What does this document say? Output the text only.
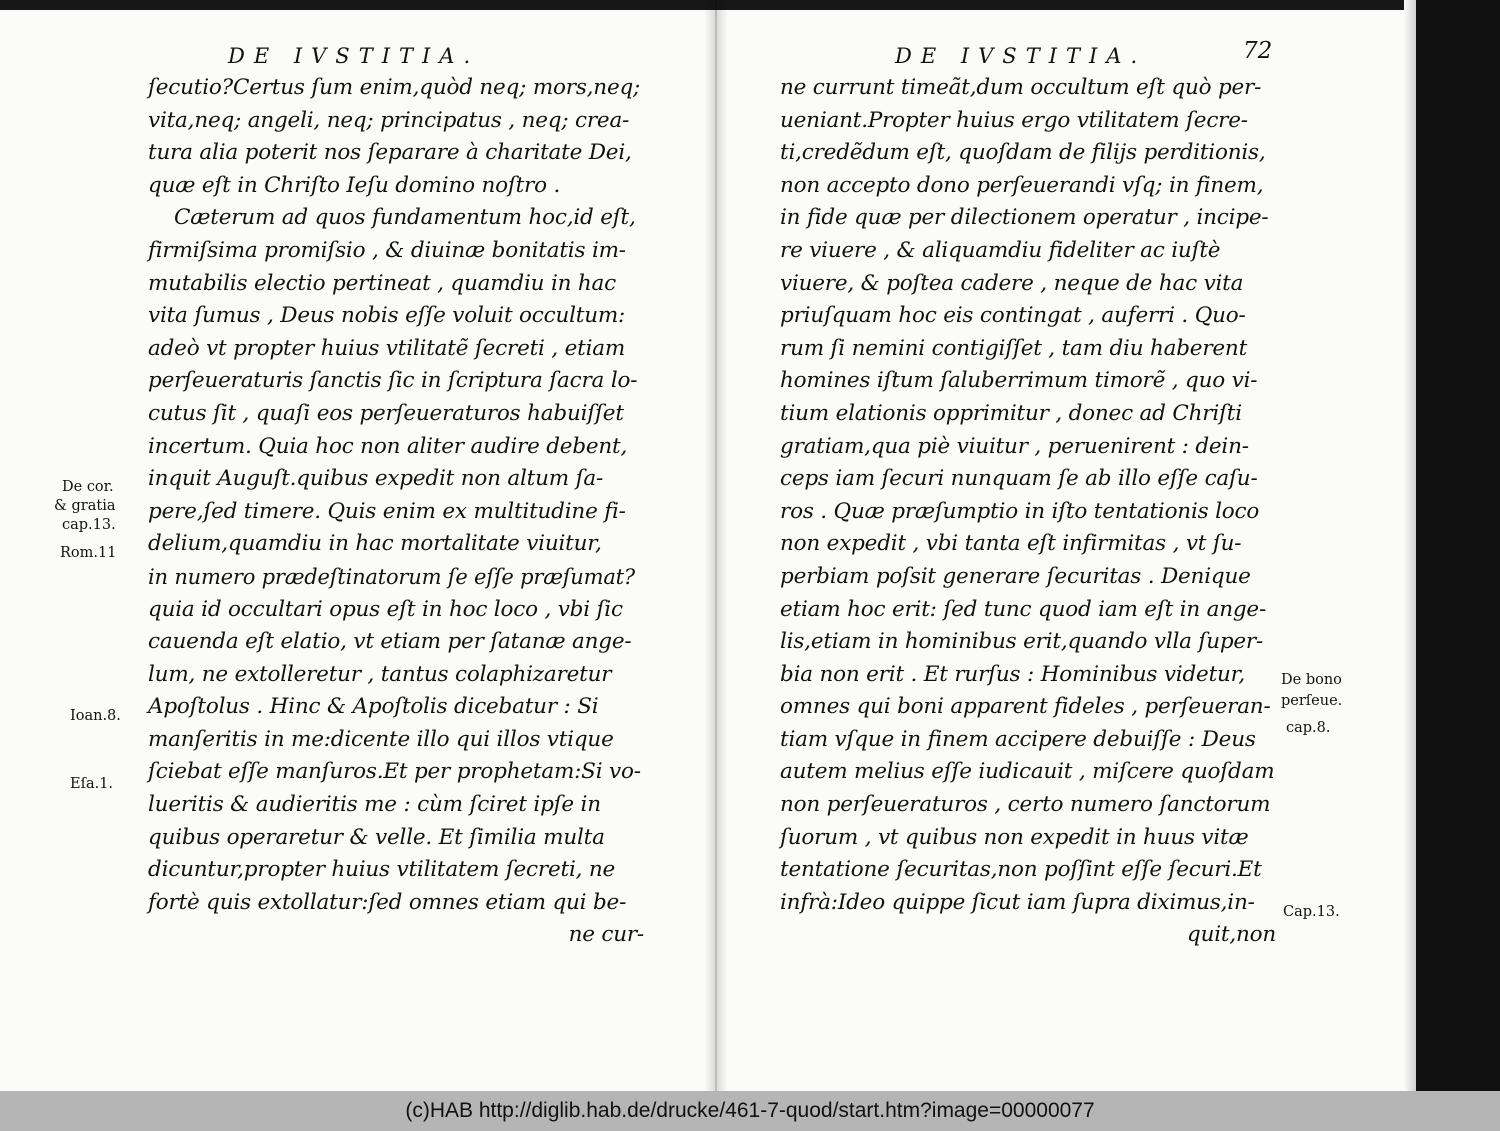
DE IVSTITIA.	DE IVSTITIA.	72
ſecutio?Certus ſum enim,quòd neq; mors,neq;
vita,neq; angeli, neq; principatus , neq; crea-
tura alia poterit nos ſeparare à charitate Dei,
quæ eſt in Chriſto Ieſu domino noſtro .
Cæterum ad quos fundamentum hoc,id eſt,
firmiſsima promiſsio , & diuinæ bonitatis im-
mutabilis electio pertineat , quamdiu in hac
vita ſumus , Deus nobis eſſe voluit occultum:
adeò vt propter huius vtilitatẽ ſecreti , etiam
perſeueraturis ſanctis ſic in ſcriptura ſacra lo-
cutus ſit , quaſi eos perſeueraturos habuiſſet
incertum. Quia hoc non aliter audire debent,
inquit Auguſt.quibus expedit non altum ſa-
pere,ſed timere. Quis enim ex multitudine fi-
delium,quamdiu in hac mortalitate viuitur,
in numero prædeſtinatorum ſe eſſe præſumat?
quia id occultari opus eſt in hoc loco , vbi ſic
cauenda eſt elatio, vt etiam per ſatanæ ange-
lum, ne extolleretur , tantus colaphizaretur
Apoſtolus . Hinc & Apoſtolis dicebatur : Si
manſeritis in me:dicente illo qui illos vtique
ſciebat eſſe manſuros.Et per prophetam:Si vo-
lueritis & audieritis me : cùm ſciret ipſe in
quibus operaretur & velle. Et ſimilia multa
dicuntur,propter huius vtilitatem ſecreti, ne
fortè quis extollatur:ſed omnes etiam qui be-
ne cur-
De cor.
& gratia
cap.13.
Rom.11
Ioan.8.
Eſa.1.
ne currunt timeãt,dum occultum eſt quò per-
ueniant.Propter huius ergo vtilitatem ſecre-
ti,credẽdum eſt, quoſdam de filijs perditionis,
non accepto dono perſeuerandi vſq; in finem,
in fide quæ per dilectionem operatur , incipe-
re viuere , & aliquamdiu fideliter ac iuſtè
viuere, & poſtea cadere , neque de hac vita
priuſquam hoc eis contingat , auferri . Quo-
rum ſi nemini contigiſſet , tam diu haberent
homines iſtum ſaluberrimum timorẽ , quo vi-
tium elationis opprimitur , donec ad Chriſti
gratiam,qua piè viuitur , peruenirent : dein-
ceps iam ſecuri nunquam ſe ab illo eſſe caſu-
ros . Quæ præſumptio in iſto tentationis loco
non expedit , vbi tanta eſt infirmitas , vt ſu-
perbiam poſsit generare ſecuritas . Denique
etiam hoc erit: ſed tunc quod iam eſt in ange-
lis,etiam in hominibus erit,quando vlla ſuper-
bia non erit . Et rurſus : Hominibus videtur,
omnes qui boni apparent fideles , perſeueran-
tiam vſque in finem accipere debuiſſe : Deus
autem melius eſſe iudicauit , miſcere quoſdam
non perſeueraturos , certo numero ſanctorum
ſuorum , vt quibus non expedit in huus vitæ
tentatione ſecuritas,non poſſint eſſe ſecuri.Et
infrà:Ideo quippe ſicut iam ſupra diximus,in-
quit,non
De bono
perſeue.
cap.8.
Cap.13.
(c)HAB http://diglib.hab.de/drucke/461-7-quod/start.htm?image=00000077
